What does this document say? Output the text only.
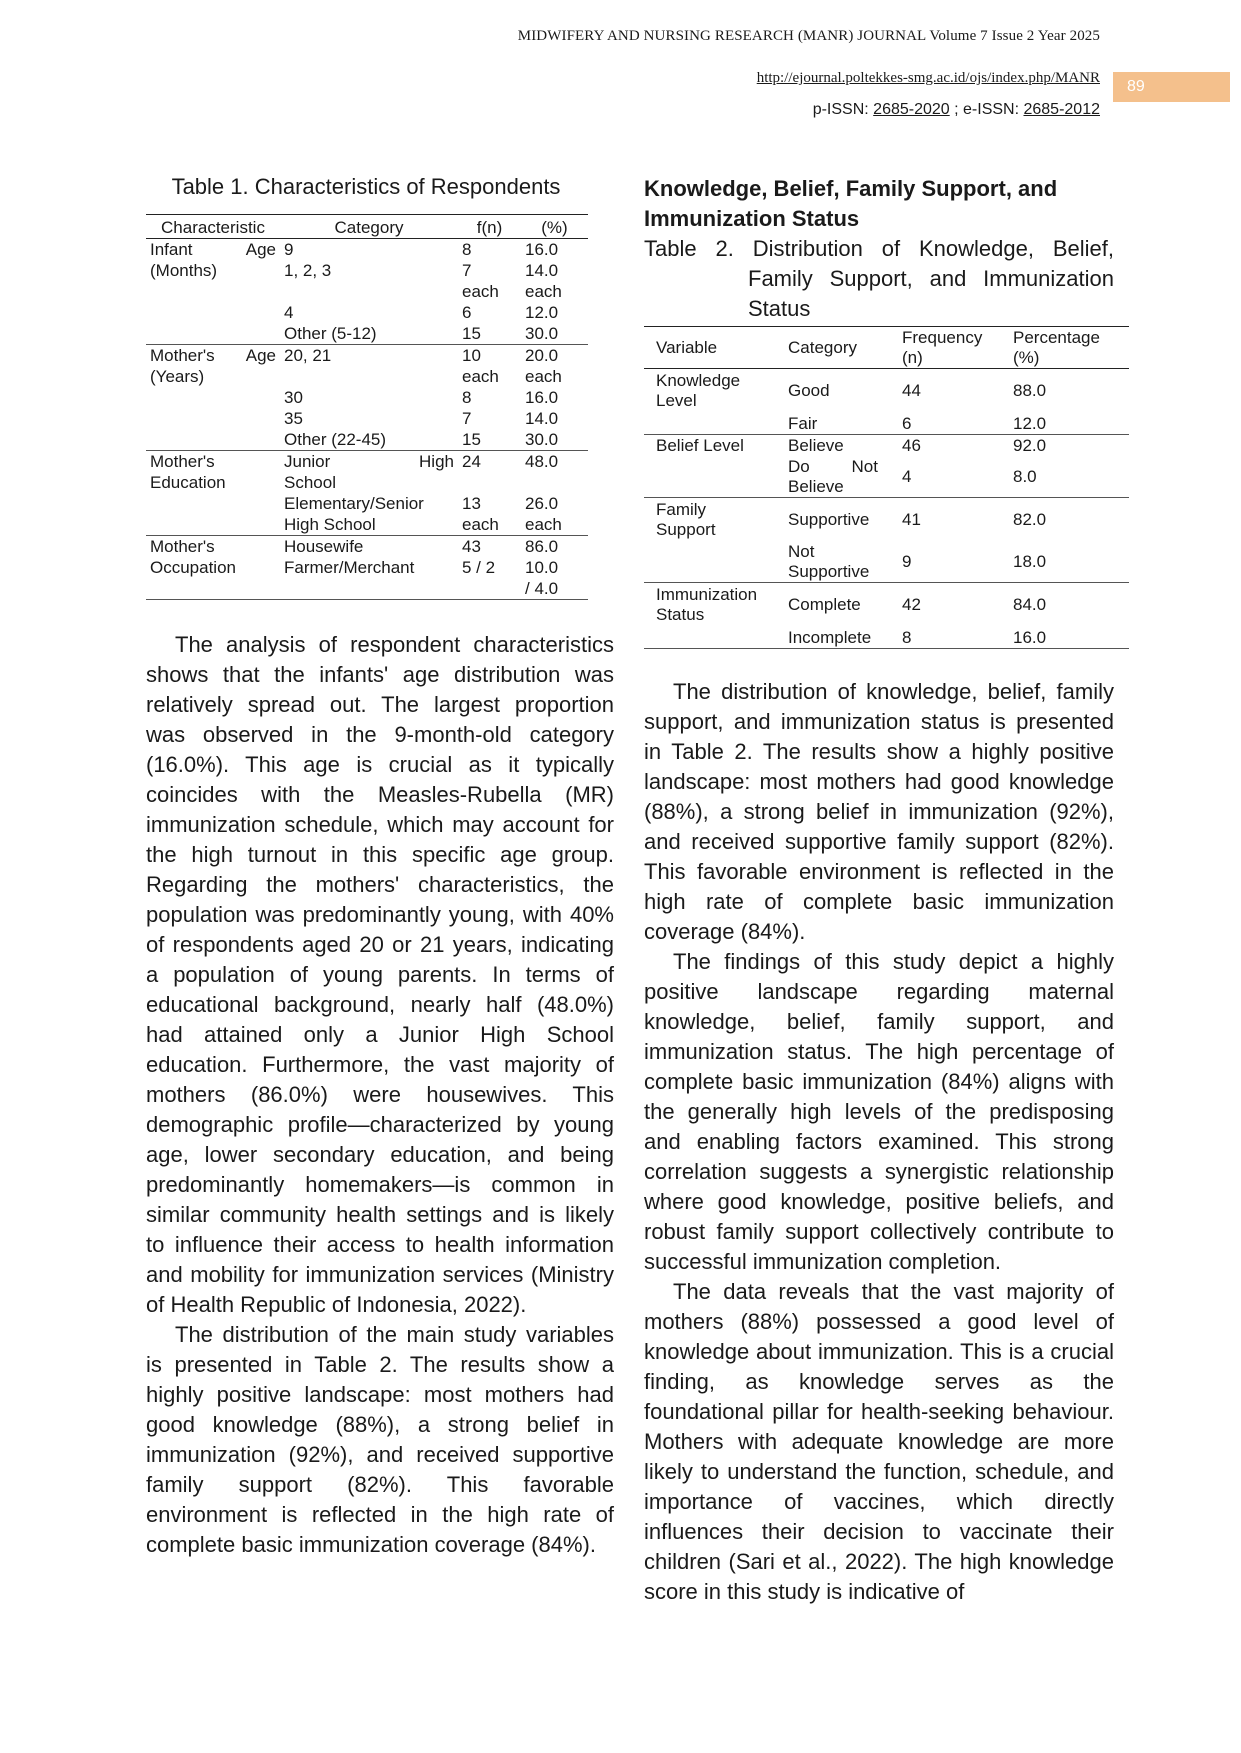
MIDWIFERY AND NURSING RESEARCH (MANR) JOURNAL Volume 7 Issue 2 Year 2025
http://ejournal.poltekkes-smg.ac.id/ojs/index.php/MANR
p-ISSN: 2685-2020 ; e-ISSN: 2685-2012
89
Table 1. Characteristics of Respondents
Characteristic	Category	f(n)	(%)
Infant Age	9	8	16.0
(Months)	1, 2, 3	7	14.0
		each	each
	4	6	12.0
	Other (5-12)	15	30.0
Mother's Age	20, 21	10	20.0
(Years)		each	each
	30	8	16.0
	35	7	14.0
	Other (22-45)	15	30.0
Mother's	Junior High	24	48.0
Education	School		
	Elementary/Senior	13	26.0
	High School	each	each
Mother's	Housewife	43	86.0
Occupation	Farmer/Merchant	5 / 2	10.0
			/ 4.0

The analysis of respondent characteristics shows that the infants' age distribution was relatively spread out. The largest proportion was observed in the 9-month-old category (16.0%). This age is crucial as it typically coincides with the Measles-Rubella (MR) immunization schedule, which may account for the high turnout in this specific age group. Regarding the mothers' characteristics, the population was predominantly young, with 40% of respondents aged 20 or 21 years, indicating a population of young parents. In terms of educational background, nearly half (48.0%) had attained only a Junior High School education. Furthermore, the vast majority of mothers (86.0%) were housewives. This demographic profile—characterized by young age, lower secondary education, and being predominantly homemakers—is common in similar community health settings and is likely to influence their access to health information and mobility for immunization services (Ministry of Health Republic of Indonesia, 2022).

The distribution of the main study variables is presented in Table 2. The results show a highly positive landscape: most mothers had good knowledge (88%), a strong belief in immunization (92%), and received supportive family support (82%). This favorable environment is reflected in the high rate of complete basic immunization coverage (84%).

Knowledge, Belief, Family Support, and Immunization Status
Table 2. Distribution of Knowledge, Belief, Family Support, and Immunization Status
Variable	Category	Frequency (n)	Percentage (%)
Knowledge Level	Good	44	88.0
	Fair	6	12.0
Belief Level	Believe	46	92.0
	Do Not Believe	4	8.0
Family Support	Supportive	41	82.0
	Not Supportive	9	18.0
Immunization Status	Complete	42	84.0
	Incomplete	8	16.0

The distribution of knowledge, belief, family support, and immunization status is presented in Table 2. The results show a highly positive landscape: most mothers had good knowledge (88%), a strong belief in immunization (92%), and received supportive family support (82%). This favorable environment is reflected in the high rate of complete basic immunization coverage (84%).

The findings of this study depict a highly positive landscape regarding maternal knowledge, belief, family support, and immunization status. The high percentage of complete basic immunization (84%) aligns with the generally high levels of the predisposing and enabling factors examined. This strong correlation suggests a synergistic relationship where good knowledge, positive beliefs, and robust family support collectively contribute to successful immunization completion.

The data reveals that the vast majority of mothers (88%) possessed a good level of knowledge about immunization. This is a crucial finding, as knowledge serves as the foundational pillar for health-seeking behaviour. Mothers with adequate knowledge are more likely to understand the function, schedule, and importance of vaccines, which directly influences their decision to vaccinate their children (Sari et al., 2022). The high knowledge score in this study is indicative of
